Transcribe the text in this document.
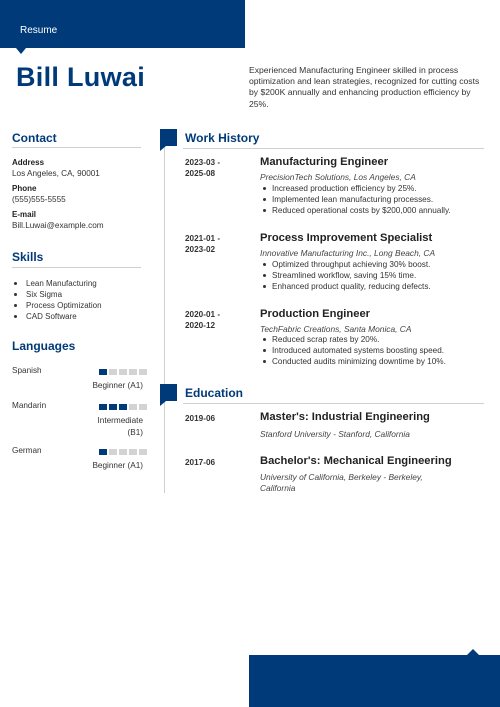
Resume
Bill Luwai	Experienced Manufacturing Engineer skilled in process optimization and lean strategies, recognized for cutting costs by $200K annually and enhancing production efficiency by 25%.
Contact
Address
Los Angeles, CA, 90001
Phone
(555)555-5555
E-mail
Bill.Luwai@example.com
Skills
Lean Manufacturing
Six Sigma
Process Optimization
CAD Software
Languages
Spanish
Beginner (A1)
Mandarin
Intermediate
(B1)
German
Beginner (A1)
Work History
2023-03 -
2025-08
Manufacturing Engineer
PrecisionTech Solutions, Los Angeles, CA
Increased production efficiency by 25%.
Implemented lean manufacturing processes.
Reduced operational costs by $200,000 annually.
2021-01 -
2023-02
Process Improvement Specialist
Innovative Manufacturing Inc., Long Beach, CA
Optimized throughput achieving 30% boost.
Streamlined workflow, saving 15% time.
Enhanced product quality, reducing defects.
2020-01 -
2020-12
Production Engineer
TechFabric Creations, Santa Monica, CA
Reduced scrap rates by 20%.
Introduced automated systems boosting speed.
Conducted audits minimizing downtime by 10%.
Education
2019-06	Master's: Industrial Engineering
Stanford University - Stanford, California
2017-06	Bachelor's: Mechanical Engineering
University of California, Berkeley - Berkeley, California
